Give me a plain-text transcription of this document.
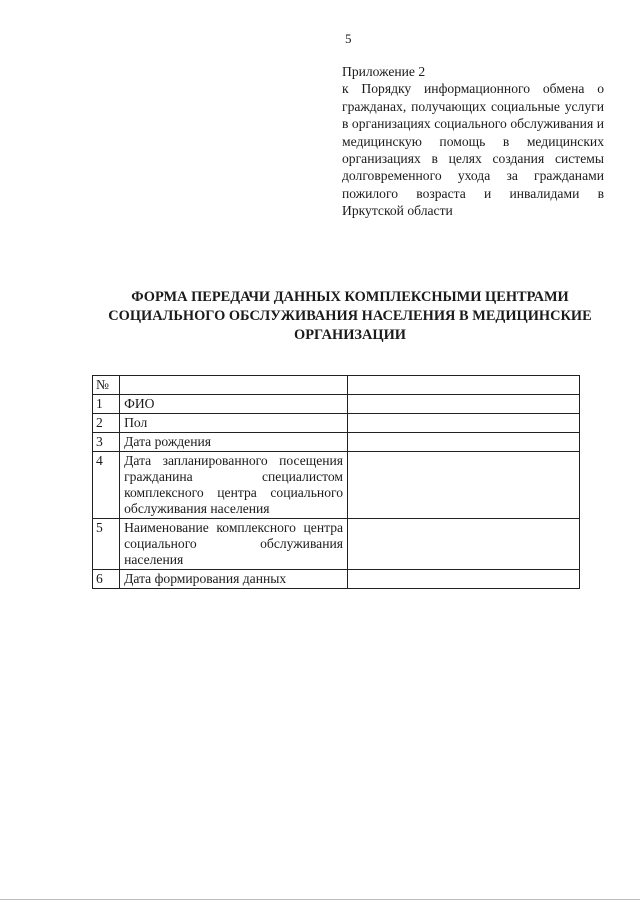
5
Приложение 2
к Порядку информационного обмена о гражданах, получающих социальные услуги в организациях социального обслуживания и медицинскую помощь в медицинских организациях в целях создания системы долговременного ухода за гражданами пожилого возраста и инвалидами в Иркутской области
ФОРМА ПЕРЕДАЧИ ДАННЫХ КОМПЛЕКСНЫМИ ЦЕНТРАМИ СОЦИАЛЬНОГО ОБСЛУЖИВАНИЯ НАСЕЛЕНИЯ В МЕДИЦИНСКИЕ ОРГАНИЗАЦИИ
№		
1	ФИО	
2	Пол	
3	Дата рождения	
4	Дата запланированного посещения гражданина специалистом комплексного центра социального обслуживания населения	
5	Наименование комплексного центра социального обслуживания населения	
6	Дата формирования данных	
